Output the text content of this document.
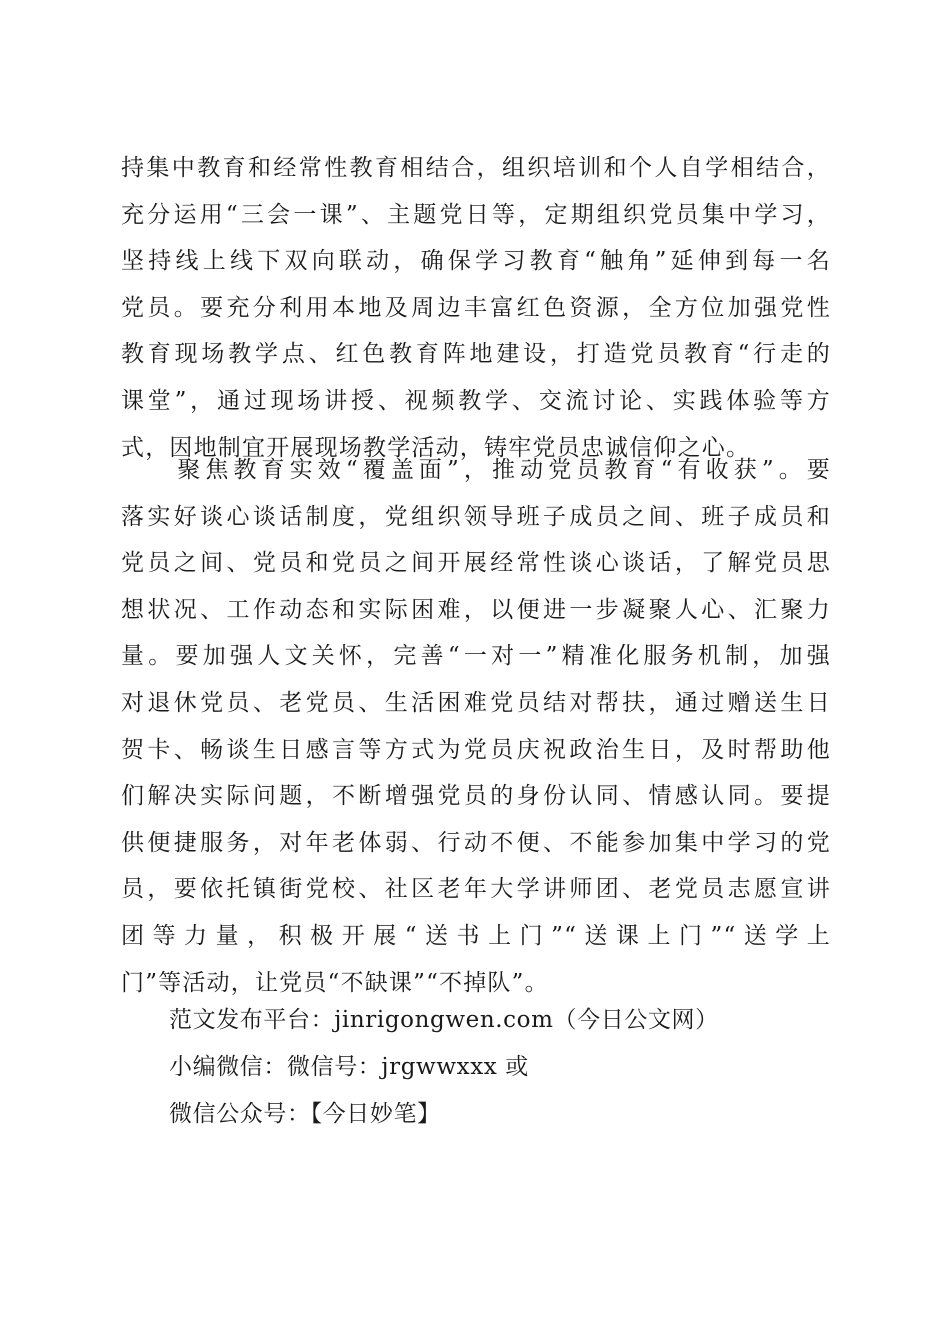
持集中教育和经常性教育相结合，组织培训和个人自学相结合，
充分运用“三会一课”、主题党日等，定期组织党员集中学习，
坚持线上线下双向联动，确保学习教育“触角”延伸到每一名
党员。要充分利用本地及周边丰富红色资源，全方位加强党性
教育现场教学点、红色教育阵地建设，打造党员教育“行走的
课堂”，通过现场讲授、视频教学、交流讨论、实践体验等方
式，因地制宜开展现场教学活动，铸牢党员忠诚信仰之心。
　　聚焦教育实效“覆盖面”，推动党员教育“有收获”。要
落实好谈心谈话制度，党组织领导班子成员之间、班子成员和
党员之间、党员和党员之间开展经常性谈心谈话，了解党员思
想状况、工作动态和实际困难，以便进一步凝聚人心、汇聚力
量。要加强人文关怀，完善“一对一”精准化服务机制，加强
对退休党员、老党员、生活困难党员结对帮扶，通过赠送生日
贺卡、畅谈生日感言等方式为党员庆祝政治生日，及时帮助他
们解决实际问题，不断增强党员的身份认同、情感认同。要提
供便捷服务，对年老体弱、行动不便、不能参加集中学习的党
员，要依托镇街党校、社区老年大学讲师团、老党员志愿宣讲
团等力量，积极开展“送书上门”“送课上门”“送学上
门”等活动，让党员“不缺课”“不掉队”。
范文发布平台：jinrigongwen.com（今日公文网）
小编微信：微信号：jrgwwxxx 或
微信公众号：【今日妙笔】
